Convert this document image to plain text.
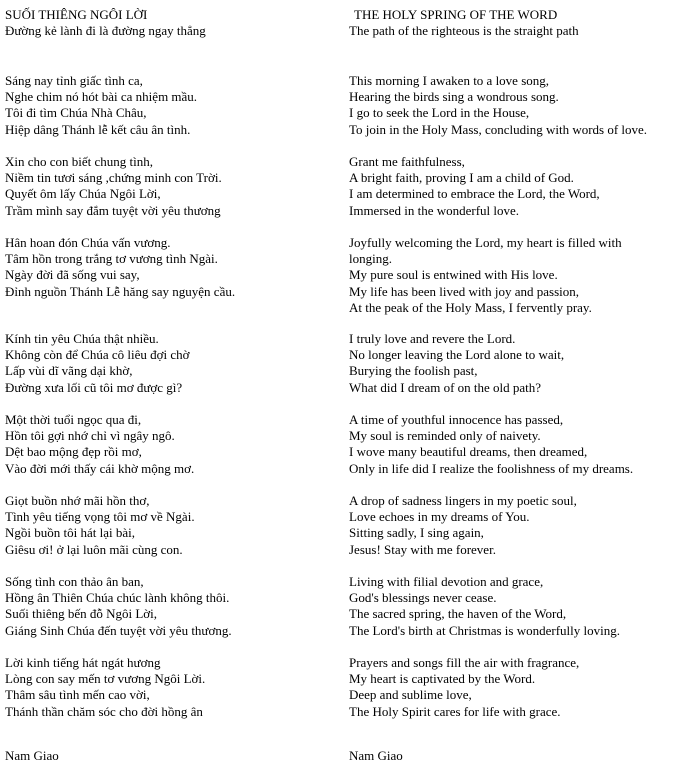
SUỐI THIÊNG NGÔI LỜI
Đường kẻ lành đi là đường ngay thẳng
Sáng nay tỉnh giấc tình ca,
Nghe chim nó hót bài ca nhiệm mầu.
Tôi đi tìm Chúa Nhà Châu,
Hiệp dâng Thánh lễ kết câu ân tình.
Xin cho con biết chung tình,
Niềm tin tươi sáng ,chứng minh con Trời.
Quyết ôm lấy Chúa Ngôi Lời,
Trầm mình say đắm tuyệt vời yêu thương
Hân hoan đón Chúa vấn vương.
Tâm hồn trong trắng tơ vương tình Ngài.
Ngày đời đã sống vui say,
Đỉnh nguồn Thánh Lễ hăng say nguyện cầu.
Kính tin yêu Chúa thật nhiều.
Không còn để Chúa cô liêu đợi chờ
Lấp vùi dĩ vãng dại khờ,
Đường xưa lối cũ tôi mơ được gì?
Một thời tuổi ngọc qua đi,
Hồn tôi gợi nhớ chỉ vì ngây ngô.
Dệt bao mộng đẹp rồi mơ,
Vào đời mới thấy cái khờ mộng mơ.
Giọt buồn nhớ mãi hồn thơ,
Tình yêu tiếng vọng tôi mơ về Ngài.
Ngồi buồn tôi hát lại bài,
Giêsu ơi! ở lại luôn mãi cùng con.
Sống tình con thảo ân ban,
Hồng ân Thiên Chúa chúc lành không thôi.
Suối thiêng bến đỗ Ngôi Lời,
Giáng Sinh Chúa đến tuyệt vời yêu thương.
Lời kinh tiếng hát ngát hương
Lòng con say mến tơ vương Ngôi Lời.
Thâm sâu tình mến cao vời,
Thánh thần chăm sóc cho đời hồng ân
Nam Giao
THE HOLY SPRING OF THE WORD
The path of the righteous is the straight path
This morning I awaken to a love song,
Hearing the birds sing a wondrous song.
I go to seek the Lord in the House,
To join in the Holy Mass, concluding with words of love.
Grant me faithfulness,
A bright faith, proving I am a child of God.
I am determined to embrace the Lord, the Word,
Immersed in the wonderful love.
Joyfully welcoming the Lord, my heart is filled with
longing.
My pure soul is entwined with His love.
My life has been lived with joy and passion,
At the peak of the Holy Mass, I fervently pray.
I truly love and revere the Lord.
No longer leaving the Lord alone to wait,
Burying the foolish past,
What did I dream of on the old path?
A time of youthful innocence has passed,
My soul is reminded only of naivety.
I wove many beautiful dreams, then dreamed,
Only in life did I realize the foolishness of my dreams.
A drop of sadness lingers in my poetic soul,
Love echoes in my dreams of You.
Sitting sadly, I sing again,
Jesus! Stay with me forever.
Living with filial devotion and grace,
God's blessings never cease.
The sacred spring, the haven of the Word,
The Lord's birth at Christmas is wonderfully loving.
Prayers and songs fill the air with fragrance,
My heart is captivated by the Word.
Deep and sublime love,
The Holy Spirit cares for life with grace.
Nam Giao
